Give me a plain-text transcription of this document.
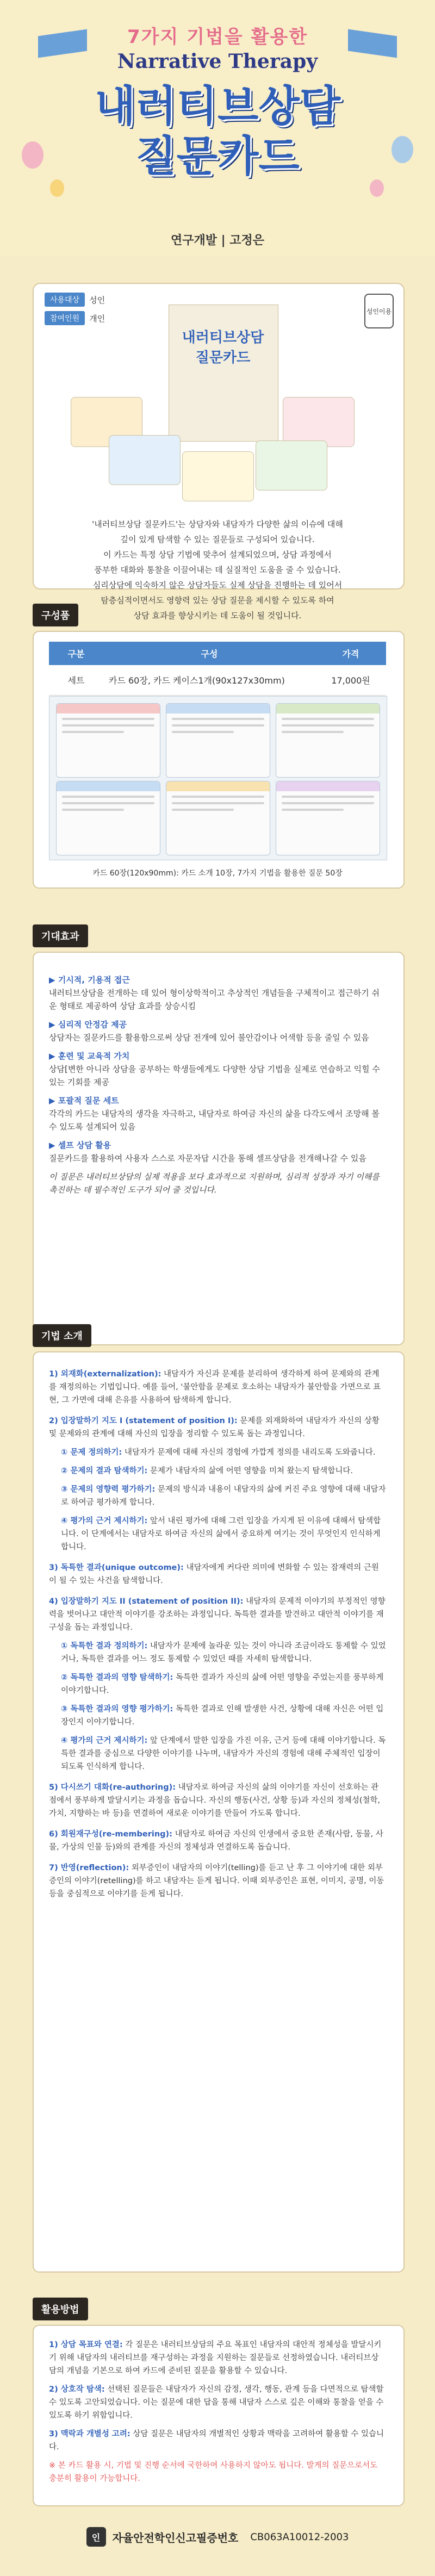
7가지 기법을 활용한
Narrative Therapy
내러티브상담
질문카드
연구개발 | 고정은
사용대상	성인
참여인원	개인
성인이용
내러티브상담
질문카드
'내러티브상담 질문카드'는 상담자와 내담자가 다양한 삶의 이슈에 대해
깊이 있게 탐색할 수 있는 질문들로 구성되어 있습니다.
이 카드는 특정 상담 기법에 맞추어 설계되었으며, 상담 과정에서
풍부한 대화와 통찰을 이끌어내는 데 실질적인 도움을 줄 수 있습니다.
심리상담에 익숙하지 않은 상담자들도 실제 상담을 진행하는 데 있어서
탐층심적이면서도 영향력 있는 상담 질문을 제시할 수 있도록 하여
상담 효과를 향상시키는 데 도움이 될 것입니다.
구성품
구분	구성	가격
세트	카드 60장, 카드 케이스1개(90x127x30mm)	17,000원
카드 60장(120x90mm): 카드 소개 10장, 7가지 기법을 활용한 질문 50장
기대효과
▶ 기시적, 기용적 접근
내러티브상담을 전개하는 데 있어 형이상학적이고 추상적인 개념들을 구체적이고 접근하기 쉬운 형태로 제공하여 상담 효과를 상승시킴
▶ 심리적 안정감 제공
상담자는 질문카드를 활용함으로써 상담 전개에 있어 불안감이나 어색함 등을 줄일 수 있음
▶ 훈련 및 교육적 가치
상담[변한 아니라 상담을 공부하는 학생들에게도 다양한 상담 기법을 실제로 연습하고 익힐 수 있는 기회를 제공
▶ 포괄적 질문 세트
각각의 카드는 내담자의 생각을 자극하고, 내담자로 하여금 자신의 삶을 다각도에서 조망해 볼 수 있도록 설계되어 있음
▶ 셀프 상담 활용
질문카드를 활용하여 사용자 스스로 자문자답 시간을 통해 셀프상담을 전개해나갈 수 있음
이 질문은 내러티브상담의 실제 적용을 보다 효과적으로 지원하며, 심리적 성장과 자기 이해를 촉진하는 데 필수적인 도구가 되어 줄 것입니다.
기법 소개
1) 외재화(externalization): 내담자가 자신과 문제를 분리하여 생각하게 하여 문제와의 관계를 재정의하는 기법입니다. 예를 들어, '불안함을 문제로 호소하는 내담자가 불안함을 가면으로 표현, 그 가면에 대해 은유를 사용하여 탐색하게 합니다.
2) 입장말하기 지도 I (statement of position I): 문제를 외재화하여 내담자가 자신의 상황 및 문제와의 관계에 대해 자신의 입장을 정리할 수 있도록 돕는 과정입니다.
① 문제 정의하기: 내담자가 문제에 대해 자신의 경험에 가깝게 정의를 내리도록 도와줍니다.
② 문제의 결과 탐색하기: 문제가 내담자의 삶에 어떤 영향을 미쳐 왔는지 탐색합니다.
③ 문제의 영향력 평가하기: 문제의 방식과 내용이 내담자의 삶에 커진 주요 영향에 대해 내담자로 하여금 평가하게 합니다.
④ 평가의 근거 제시하기: 앞서 내린 평가에 대해 그런 입장을 가지게 된 이유에 대해서 탐색합니다. 이 단계에서는 내담자로 하여금 자신의 삶에서 중요하게 여기는 것이 무엇인지 인식하게 합니다.
3) 독특한 결과(unique outcome): 내담자에게 커다란 의미에 변화할 수 있는 잠재력의 근원이 될 수 있는 사건을 탐색합니다.
4) 입장말하기 지도 II (statement of position II): 내담자의 문제적 이야기의 부정적인 영향력을 벗어나고 대안적 이야기를 강조하는 과정입니다. 독특한 결과를 발견하고 대안적 이야기를 재구성을 돕는 과정입니다.
① 독특한 결과 정의하기: 내담자가 문제에 놀라운 있는 것이 아니라 조금이라도 통제할 수 있었거나, 독특한 결과를 어느 정도 통제할 수 있었던 때를 자세히 탐색합니다.
② 독특한 결과의 영향 탐색하기: 독특한 결과가 자신의 삶에 어떤 영향을 주었는지를 풍부하게 이야기합니다.
③ 독특한 결과의 영향 평가하기: 독특한 결과로 인해 발생한 사건, 상황에 대해 자신은 어떤 입장인지 이야기합니다.
④ 평가의 근거 제시하기: 앞 단계에서 말한 입장을 가진 이유, 근거 등에 대해 이야기합니다. 독특한 결과를 중심으로 다양한 이야기를 나누며, 내담자가 자신의 경험에 대해 주체적인 입장이 되도록 인식하게 합니다.
5) 다시쓰기 대화(re-authoring): 내담자로 하여금 자신의 삶의 이야기를 자신이 선호하는 관점에서 풍부하게 발달시키는 과정을 돕습니다. 자신의 행동(사건, 상황 등)과 자신의 정체성(철학, 가치, 지향하는 바 등)을 연결하여 새로운 이야기를 만들어 가도록 합니다.
6) 회원재구성(re-membering): 내담자로 하여금 자신의 인생에서 중요한 존재(사람, 동물, 사물, 가상의 인물 등)와의 관계를 자신의 정체성과 연결하도록 돕습니다.
7) 반영(reflection): 외부증인이 내담자의 이야기(telling)를 듣고 난 후 그 이야기에 대한 외부증인의 이야기(retelling)를 하고 내담자는 듣게 됩니다. 이때 외부증인은 표현, 이미지, 공명, 이동 등을 중심적으로 이야기를 듣게 됩니다.
활용방법
1) 상담 목표와 연결: 각 질문은 내러티브상담의 주요 목표인 내담자의 대안적 정체성을 발달시키기 위해 내담자의 내러티브를 재구성하는 과정을 지원하는 질문들로 선정하였습니다. 내러티브상담의 개념을 기본으로 하여 카드에 준비된 질문을 활용할 수 있습니다.
2) 상호작 탐색: 선택된 질문들은 내담자가 자신의 감정, 생각, 행동, 관계 등을 다면적으로 탐색할 수 있도록 고안되었습니다. 이는 질문에 대한 답을 통해 내담자 스스로 깊은 이해와 통찰을 얻을 수 있도록 하기 위함입니다.
3) 맥락과 개별성 고려: 상담 질문은 내담자의 개별적인 상황과 맥락을 고려하여 활용할 수 있습니다.
※ 본 카드 활용 시, 기법 및 진행 순서에 국한하여 사용하지 않아도 됩니다. 발게의 질문으로서도 충분히 활용이 가능합니다.
인	자율안전학인신고필증번호 CB063A10012-2003
